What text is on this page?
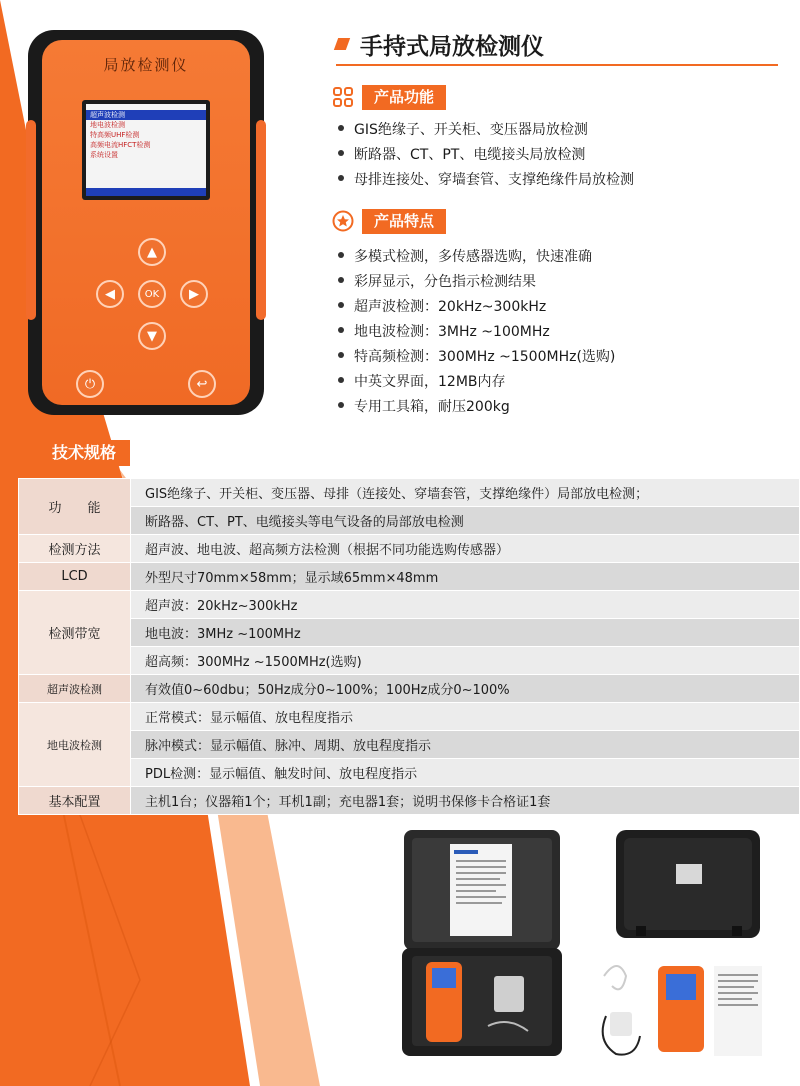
局放检测仪
超声波检测
地电波检测
特高频UHF检测
高频电流HFCT检测
系统设置
▲
◀	OK	▶
▼
⏻	↩
手持式局放检测仪
产品功能
GIS绝缘子、开关柜、变压器局放检测
断路器、CT、PT、电缆接头局放检测
母排连接处、穿墙套管、支撑绝缘件局放检测
产品特点
多模式检测，多传感器选购，快速准确
彩屏显示，分色指示检测结果
超声波检测：20kHz~300kHz
地电波检测：3MHz ~100MHz
特高频检测：300MHz ~1500MHz(选购)
中英文界面，12MB内存
专用工具箱，耐压200kg
技术规格
功　　能	GIS绝缘子、开关柜、变压器、母排（连接处、穿墙套管，支撑绝缘件）局部放电检测；
	断路器、CT、PT、电缆接头等电气设备的局部放电检测
检测方法	超声波、地电波、超高频方法检测（根据不同功能选购传感器）
LCD	外型尺寸70mm×58mm；显示域65mm×48mm
检测带宽	超声波：20kHz~300kHz
	地电波：3MHz ~100MHz
	超高频：300MHz ~1500MHz(选购)
超声波检测	有效值0~60dbu；50Hz成分0~100%；100Hz成分0~100%
地电波检测	正常模式：显示幅值、放电程度指示
	脉冲模式：显示幅值、脉冲、周期、放电程度指示
	PDL检测：显示幅值、触发时间、放电程度指示
基本配置	主机1台；仪器箱1个；耳机1副；充电器1套；说明书保修卡合格证1套
